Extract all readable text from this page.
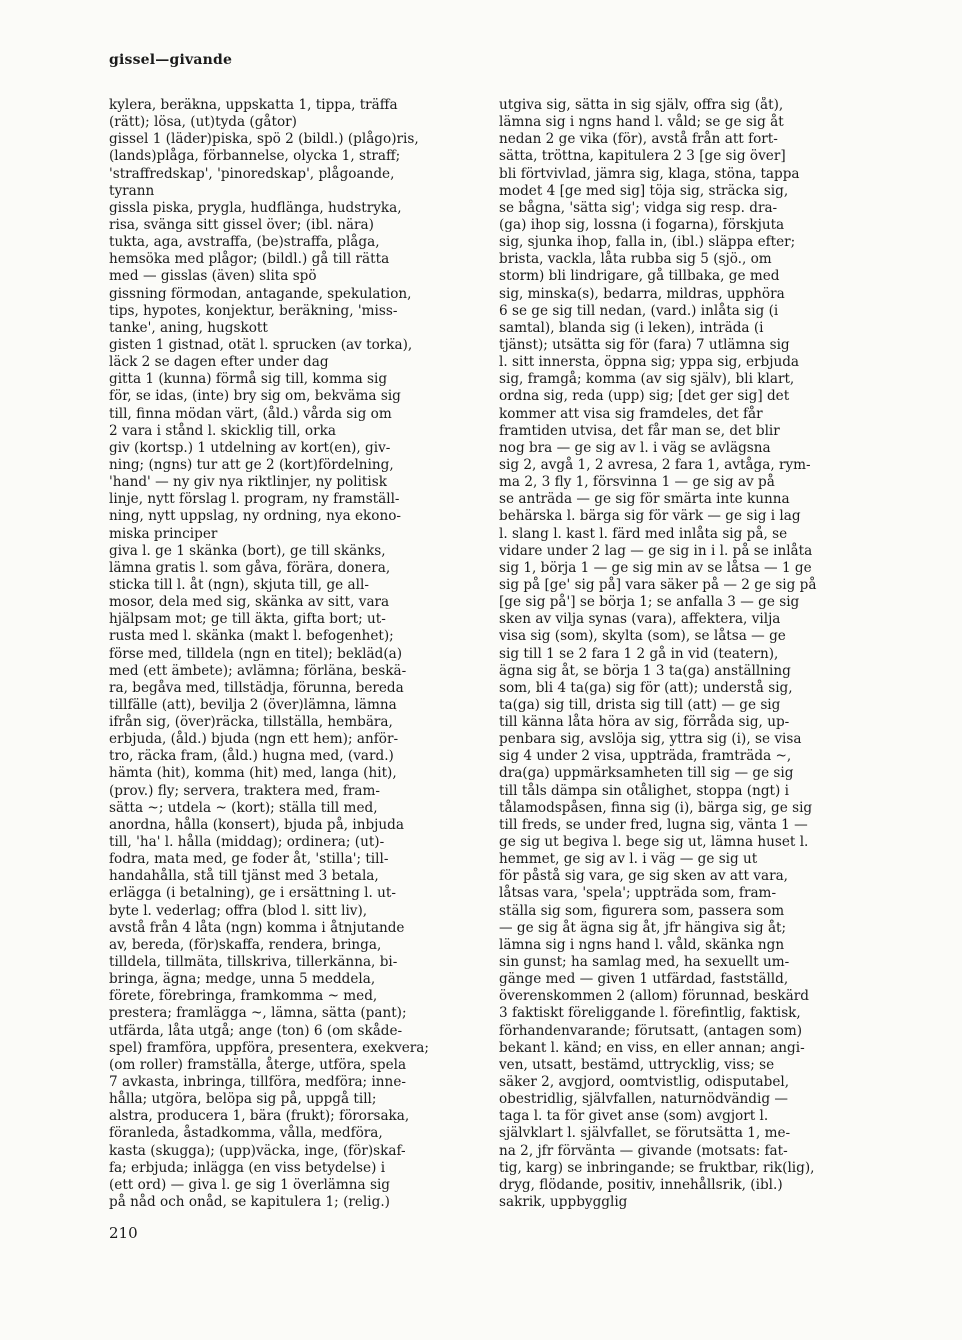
gissel—givande
kylera, beräkna, uppskatta 1, tippa, träffa
(rätt); lösa, (ut)tyda (gåtor)
gissel 1 (läder)piska, spö 2 (bildl.) (plågo)ris,
(lands)plåga, förbannelse, olycka 1, straff;
'straffredskap', 'pinoredskap', plågoande,
tyrann
gissla piska, prygla, hudflänga, hudstryka,
risa, svänga sitt gissel över; (ibl. nära)
tukta, aga, avstraffa, (be)straffa, plåga,
hemsöka med plågor; (bildl.) gå till rätta
med — gisslas (även) slita spö
gissning förmodan, antagande, spekulation,
tips, hypotes, konjektur, beräkning, 'miss-
tanke', aning, hugskott
gisten 1 gistnad, otät l. sprucken (av torka),
läck 2 se dagen efter under dag
gitta 1 (kunna) förmå sig till, komma sig
för, se idas, (inte) bry sig om, bekväma sig
till, finna mödan värt, (åld.) vårda sig om
2 vara i stånd l. skicklig till, orka
giv (kortsp.) 1 utdelning av kort(en), giv-
ning; (ngns) tur att ge 2 (kort)fördelning,
'hand' — ny giv nya riktlinjer, ny politisk
linje, nytt förslag l. program, ny framställ-
ning, nytt uppslag, ny ordning, nya ekono-
miska principer
giva l. ge 1 skänka (bort), ge till skänks,
lämna gratis l. som gåva, förära, donera,
sticka till l. åt (ngn), skjuta till, ge all-
mosor, dela med sig, skänka av sitt, vara
hjälpsam mot; ge till äkta, gifta bort; ut-
rusta med l. skänka (makt l. befogenhet);
förse med, tilldela (ngn en titel); bekläd(a)
med (ett ämbete); avlämna; förläna, beskä-
ra, begåva med, tillstädja, förunna, bereda
tillfälle (att), bevilja 2 (över)lämna, lämna
ifrån sig, (över)räcka, tillställa, hembära,
erbjuda, (åld.) bjuda (ngn ett hem); anför-
tro, räcka fram, (åld.) hugna med, (vard.)
hämta (hit), komma (hit) med, langa (hit),
(prov.) fly; servera, traktera med, fram-
sätta ~; utdela ~ (kort); ställa till med,
anordna, hålla (konsert), bjuda på, inbjuda
till, 'ha' l. hålla (middag); ordinera; (ut)-
fodra, mata med, ge foder åt, 'stilla'; till-
handahålla, stå till tjänst med 3 betala,
erlägga (i betalning), ge i ersättning l. ut-
byte l. vederlag; offra (blod l. sitt liv),
avstå från 4 låta (ngn) komma i åtnjutande
av, bereda, (för)skaffa, rendera, bringa,
tilldela, tillmäta, tillskriva, tillerkänna, bi-
bringa, ägna; medge, unna 5 meddela,
förete, förebringa, framkomma ~ med,
prestera; framlägga ~, lämna, sätta (pant);
utfärda, låta utgå; ange (ton) 6 (om skåde-
spel) framföra, uppföra, presentera, exekvera;
(om roller) framställa, återge, utföra, spela
7 avkasta, inbringa, tillföra, medföra; inne-
hålla; utgöra, belöpa sig på, uppgå till;
alstra, producera 1, bära (frukt); förorsaka,
föranleda, åstadkomma, vålla, medföra,
kasta (skugga); (upp)väcka, inge, (för)skaf-
fa; erbjuda; inlägga (en viss betydelse) i
(ett ord) — giva l. ge sig 1 överlämna sig
på nåd och onåd, se kapitulera 1; (relig.)
utgiva sig, sätta in sig själv, offra sig (åt),
lämna sig i ngns hand l. våld; se ge sig åt
nedan 2 ge vika (för), avstå från att fort-
sätta, tröttna, kapitulera 2 3 [ge sig över]
bli förtvivlad, jämra sig, klaga, stöna, tappa
modet 4 [ge med sig] töja sig, sträcka sig,
se bågna, 'sätta sig'; vidga sig resp. dra-
(ga) ihop sig, lossna (i fogarna), förskjuta
sig, sjunka ihop, falla in, (ibl.) släppa efter;
brista, vackla, låta rubba sig 5 (sjö., om
storm) bli lindrigare, gå tillbaka, ge med
sig, minska(s), bedarra, mildras, upphöra
6 se ge sig till nedan, (vard.) inlåta sig (i
samtal), blanda sig (i leken), inträda (i
tjänst); utsätta sig för (fara) 7 utlämna sig
l. sitt innersta, öppna sig; yppa sig, erbjuda
sig, framgå; komma (av sig själv), bli klart,
ordna sig, reda (upp) sig; [det ger sig] det
kommer att visa sig framdeles, det får
framtiden utvisa, det får man se, det blir
nog bra — ge sig av l. i väg se avlägsna
sig 2, avgå 1, 2 avresa, 2 fara 1, avtåga, rym-
ma 2, 3 fly 1, försvinna 1 — ge sig av på
se anträda — ge sig för smärta inte kunna
behärska l. bärga sig för värk — ge sig i lag
l. slang l. kast l. färd med inlåta sig på, se
vidare under 2 lag — ge sig in i l. på se inlåta
sig 1, börja 1 — ge sig min av se låtsa — 1 ge
sig på [ge' sig på] vara säker på — 2 ge sig på
[ge sig på'] se börja 1; se anfalla 3 — ge sig
sken av vilja synas (vara), affektera, vilja
visa sig (som), skylta (som), se låtsa — ge
sig till 1 se 2 fara 1 2 gå in vid (teatern),
ägna sig åt, se börja 1 3 ta(ga) anställning
som, bli 4 ta(ga) sig för (att); understå sig,
ta(ga) sig till, drista sig till (att) — ge sig
till känna låta höra av sig, förråda sig, up-
penbara sig, avslöja sig, yttra sig (i), se visa
sig 4 under 2 visa, uppträda, framträda ~,
dra(ga) uppmärksamheten till sig — ge sig
till tåls dämpa sin otålighet, stoppa (ngt) i
tålamodspåsen, finna sig (i), bärga sig, ge sig
till freds, se under fred, lugna sig, vänta 1 —
ge sig ut begiva l. bege sig ut, lämna huset l.
hemmet, ge sig av l. i väg — ge sig ut
för påstå sig vara, ge sig sken av att vara,
låtsas vara, 'spela'; uppträda som, fram-
ställa sig som, figurera som, passera som
— ge sig åt ägna sig åt, jfr hängiva sig åt;
lämna sig i ngns hand l. våld, skänka ngn
sin gunst; ha samlag med, ha sexuellt um-
gänge med — given 1 utfärdad, fastställd,
överenskommen 2 (allom) förunnad, beskärd
3 faktiskt föreliggande l. förefintlig, faktisk,
förhandenvarande; förutsatt, (antagen som)
bekant l. känd; en viss, en eller annan; angi-
ven, utsatt, bestämd, uttrycklig, viss; se
säker 2, avgjord, oomtvistlig, odisputabel,
obestridlig, självfallen, naturnödvändig —
taga l. ta för givet anse (som) avgjort l.
självklart l. självfallet, se förutsätta 1, me-
na 2, jfr förvänta — givande (motsats: fat-
tig, karg) se inbringande; se fruktbar, rik(lig),
dryg, flödande, positiv, innehållsrik, (ibl.)
sakrik, uppbygglig
210
